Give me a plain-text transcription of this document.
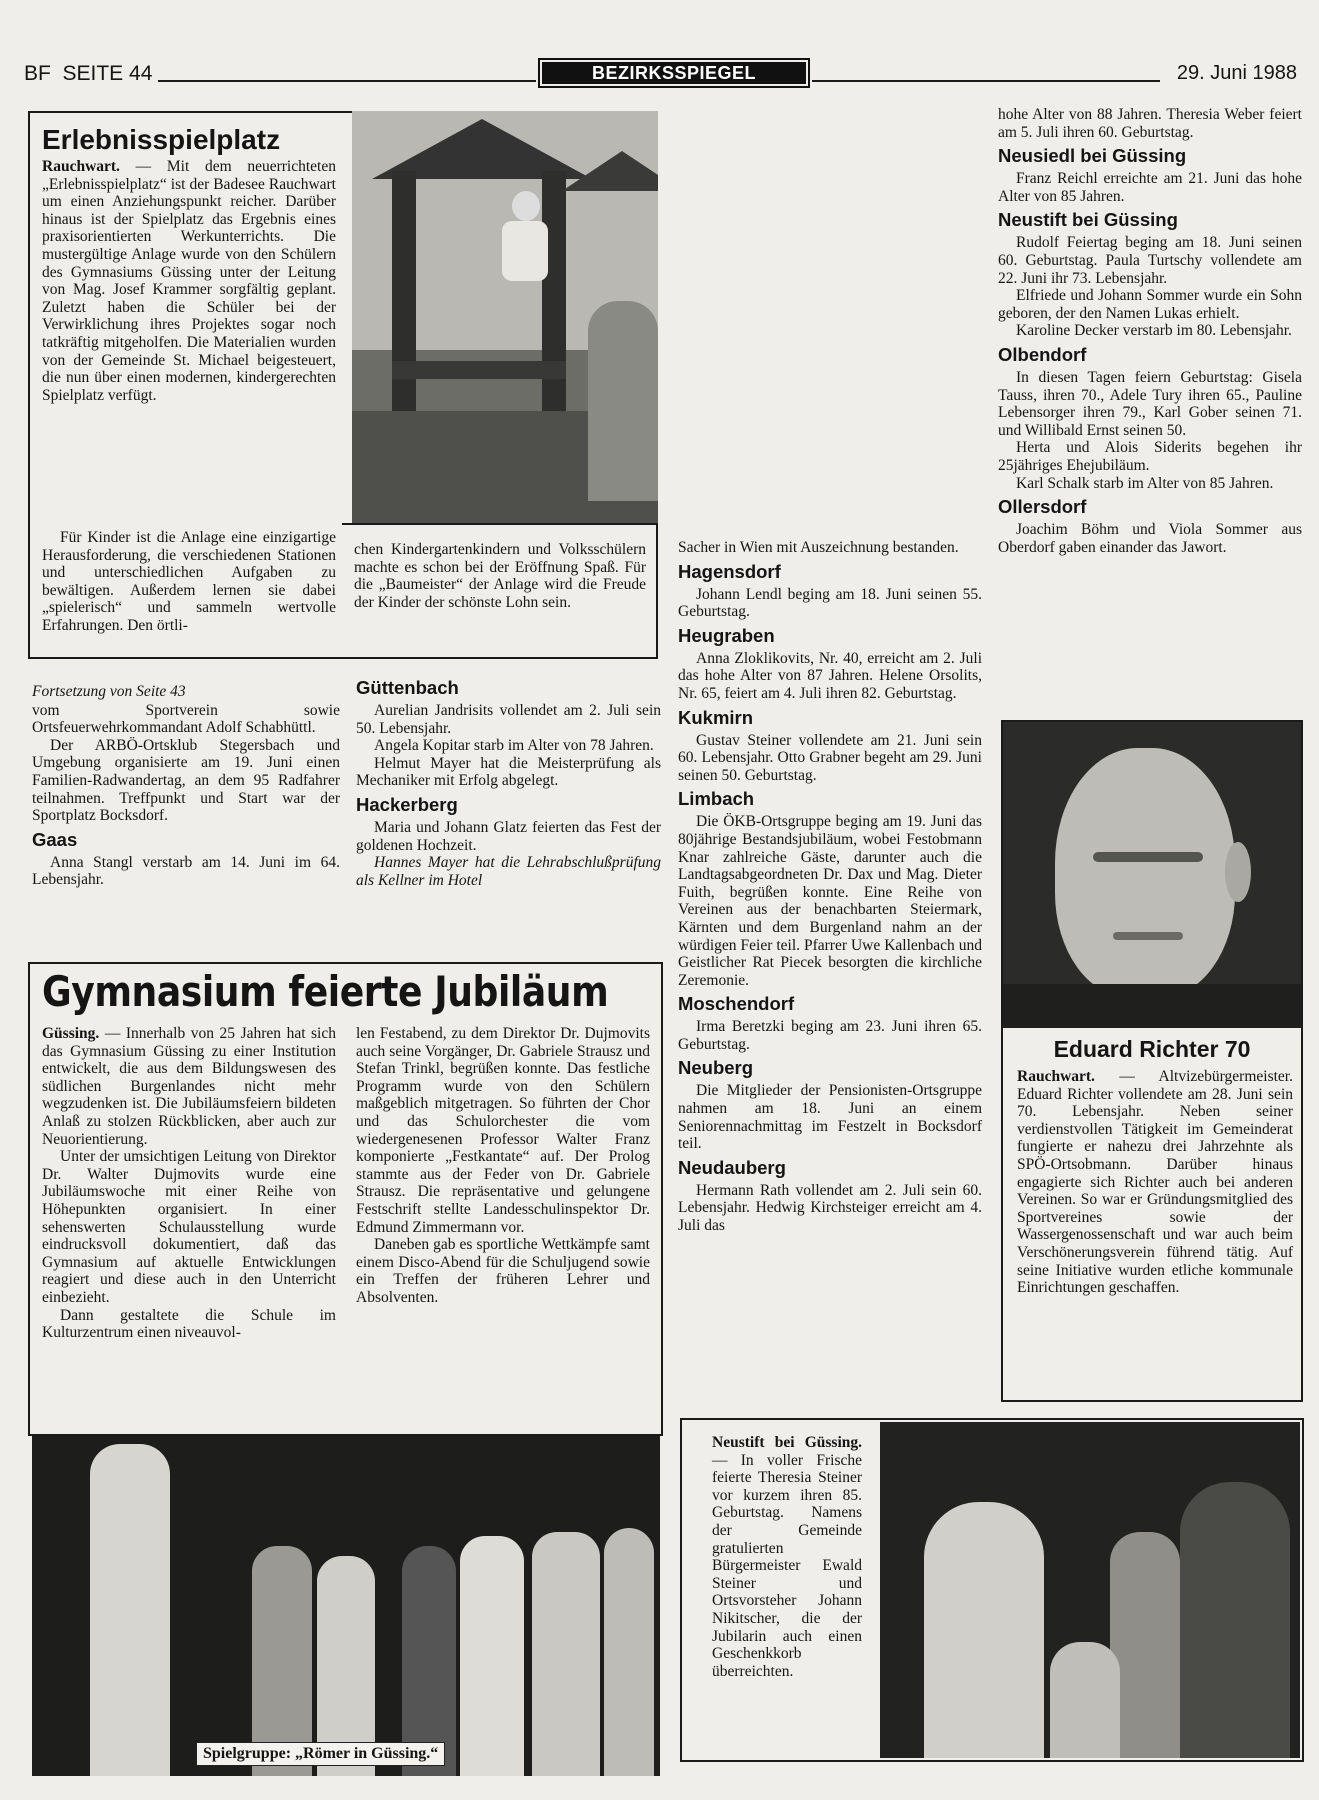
BF  SEITE 44	BEZIRKSSPIEGEL	29. Juni 1988
Erlebnisspielplatz

Rauchwart. — Mit dem neuerrichteten „Erlebnisspielplatz“ ist der Badesee Rauchwart um einen Anziehungspunkt reicher. Darüber hinaus ist der Spielplatz das Ergebnis eines praxisorientierten Werkunterrichts. Die mustergültige Anlage wurde von den Schülern des Gymnasiums Güssing unter der Leitung von Mag. Josef Krammer sorgfältig geplant. Zuletzt haben die Schüler bei der Verwirklichung ihres Projektes sogar noch tatkräftig mitgeholfen. Die Materialien wurden von der Gemeinde St. Michael beigesteuert, die nun über einen modernen, kindergerechten Spielplatz verfügt.

Für Kinder ist die Anlage eine einzigartige Herausforderung, die verschiedenen Stationen und unterschiedlichen Aufgaben zu bewältigen. Außerdem lernen sie dabei „spielerisch“ und sammeln wertvolle Erfahrungen. Den örtli-

chen Kindergartenkindern und Volksschülern machte es schon bei der Eröffnung Spaß. Für die „Baumeister“ der Anlage wird die Freude der Kinder der schönste Lohn sein.

Fortsetzung von Seite 43

vom Sportverein sowie Ortsfeuerwehrkommandant Adolf Schabhüttl.

Der ARBÖ-Ortsklub Stegersbach und Umgebung organisierte am 19. Juni einen Familien-Radwandertag, an dem 95 Radfahrer teilnahmen. Treffpunkt und Start war der Sportplatz Bocksdorf.

Gaas

Anna Stangl verstarb am 14. Juni im 64. Lebensjahr.

Güttenbach

Aurelian Jandrisits vollendet am 2. Juli sein 50. Lebensjahr.

Angela Kopitar starb im Alter von 78 Jahren.

Helmut Mayer hat die Meisterprüfung als Mechaniker mit Erfolg abgelegt.

Hackerberg

Maria und Johann Glatz feierten das Fest der goldenen Hochzeit.

Hannes Mayer hat die Lehrabschlußprüfung als Kellner im Hotel

Sacher in Wien mit Auszeichnung bestanden.

Hagensdorf

Johann Lendl beging am 18. Juni seinen 55. Geburtstag.

Heugraben

Anna Zloklikovits, Nr. 40, erreicht am 2. Juli das hohe Alter von 87 Jahren. Helene Orsolits, Nr. 65, feiert am 4. Juli ihren 82. Geburtstag.

Kukmirn

Gustav Steiner vollendete am 21. Juni sein 60. Lebensjahr. Otto Grabner begeht am 29. Juni seinen 50. Geburtstag.

Limbach

Die ÖKB-Ortsgruppe beging am 19. Juni das 80jährige Bestandsjubiläum, wobei Festobmann Knar zahlreiche Gäste, darunter auch die Landtagsabgeordneten Dr. Dax und Mag. Dieter Fuith, begrüßen konnte. Eine Reihe von Vereinen aus der benachbarten Steiermark, Kärnten und dem Burgenland nahm an der würdigen Feier teil. Pfarrer Uwe Kallenbach und Geistlicher Rat Piecek besorgten die kirchliche Zeremonie.

Moschendorf

Irma Beretzki beging am 23. Juni ihren 65. Geburtstag.

Neuberg

Die Mitglieder der Pensionisten-Ortsgruppe nahmen am 18. Juni an einem Seniorennachmittag im Festzelt in Bocksdorf teil.

Neudauberg

Hermann Rath vollendet am 2. Juli sein 60. Lebensjahr. Hedwig Kirchsteiger erreicht am 4. Juli das

hohe Alter von 88 Jahren. Theresia Weber feiert am 5. Juli ihren 60. Geburtstag.

Neusiedl bei Güssing

Franz Reichl erreichte am 21. Juni das hohe Alter von 85 Jahren.

Neustift bei Güssing

Rudolf Feiertag beging am 18. Juni seinen 60. Geburtstag. Paula Turtschy vollendete am 22. Juni ihr 73. Lebensjahr.

Elfriede und Johann Sommer wurde ein Sohn geboren, der den Namen Lukas erhielt.

Karoline Decker verstarb im 80. Lebensjahr.

Olbendorf

In diesen Tagen feiern Geburtstag: Gisela Tauss, ihren 70., Adele Tury ihren 65., Pauline Lebensorger ihren 79., Karl Gober seinen 71. und Willibald Ernst seinen 50.

Herta und Alois Siderits begehen ihr 25jähriges Ehejubiläum.

Karl Schalk starb im Alter von 85 Jahren.

Ollersdorf

Joachim Böhm und Viola Sommer aus Oberdorf gaben einander das Jawort.

Eduard Richter 70

Rauchwart. — Altvizebürgermeister. Eduard Richter vollendete am 28. Juni sein 70. Lebensjahr. Neben seiner verdienstvollen Tätigkeit im Gemeinderat fungierte er nahezu drei Jahrzehnte als SPÖ-Ortsobmann. Darüber hinaus engagierte sich Richter auch bei anderen Vereinen. So war er Gründungsmitglied des Sportvereines sowie der Wassergenossenschaft und war auch beim Verschönerungsverein führend tätig. Auf seine Initiative wurden etliche kommunale Einrichtungen geschaffen.

Gymnasium feierte Jubiläum

Güssing. — Innerhalb von 25 Jahren hat sich das Gymnasium Güssing zu einer Institution entwickelt, die aus dem Bildungswesen des südlichen Burgenlandes nicht mehr wegzudenken ist. Die Jubiläumsfeiern bildeten Anlaß zu stolzen Rückblicken, aber auch zur Neuorientierung.

Unter der umsichtigen Leitung von Direktor Dr. Walter Dujmovits wurde eine Jubiläumswoche mit einer Reihe von Höhepunkten organisiert. In einer sehenswerten Schulausstellung wurde eindrucksvoll dokumentiert, daß das Gymnasium auf aktuelle Entwicklungen reagiert und diese auch in den Unterricht einbezieht.

Dann gestaltete die Schule im Kulturzentrum einen niveauvol-

len Festabend, zu dem Direktor Dr. Dujmovits auch seine Vorgänger, Dr. Gabriele Strausz und Stefan Trinkl, begrüßen konnte. Das festliche Programm wurde von den Schülern maßgeblich mitgetragen. So führten der Chor und das Schulorchester die vom wiedergenesenen Professor Walter Franz komponierte „Festkantate“ auf. Der Prolog stammte aus der Feder von Dr. Gabriele Strausz. Die repräsentative und gelungene Festschrift stellte Landesschulinspektor Dr. Edmund Zimmermann vor.

Daneben gab es sportliche Wettkämpfe samt einem Disco-Abend für die Schuljugend sowie ein Treffen der früheren Lehrer und Absolventen.

Spielgruppe: „Römer in Güssing.“

Neustift bei Güssing. — In voller Frische feierte Theresia Steiner vor kurzem ihren 85. Geburtstag. Namens der Gemeinde gratulierten Bürgermeister Ewald Steiner und Ortsvorsteher Johann Nikitscher, die der Jubilarin auch einen Geschenkkorb überreichten.
